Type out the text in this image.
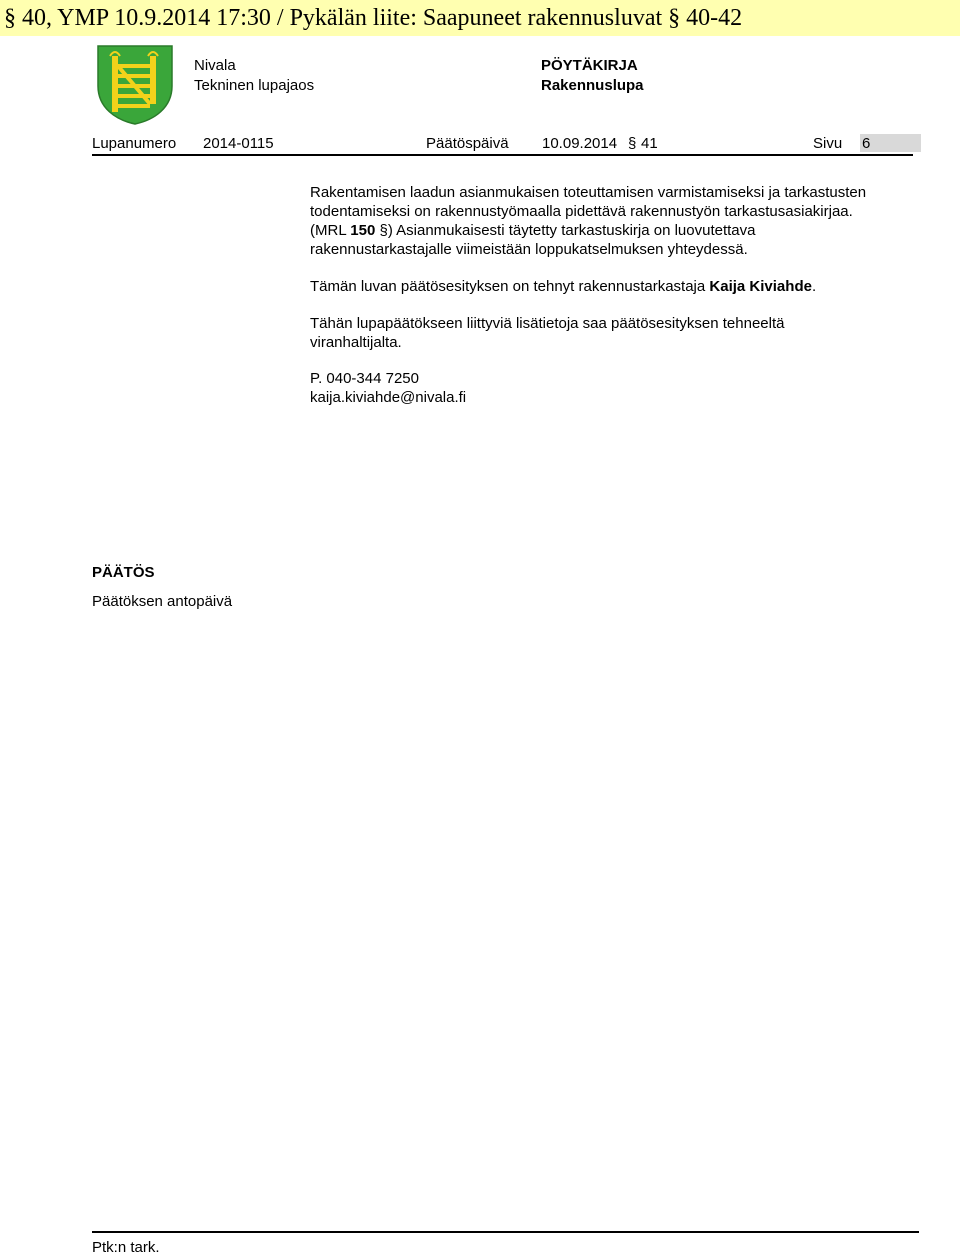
§ 40, YMP 10.9.2014 17:30 / Pykälän liite: Saapuneet rakennusluvat § 40-42
Nivala
Tekninen lupajaos
PÖYTÄKIRJA
Rakennuslupa
Lupanumero 2014-0115	Päätöspäivä 10.09.2014 § 41	Sivu 6
Rakentamisen laadun asianmukaisen toteuttamisen varmistamiseksi ja tarkastusten
todentamiseksi on rakennustyömaalla pidettävä rakennustyön tarkastusasiakirjaa.
(MRL 150 §) Asianmukaisesti täytetty tarkastuskirja on luovutettava
rakennustarkastajalle viimeistään loppukatselmuksen yhteydessä.
Tämän luvan päätösesityksen on tehnyt rakennustarkastaja Kaija Kiviahde.
Tähän lupapäätökseen liittyviä lisätietoja saa päätösesityksen tehneeltä
viranhaltijalta.
P. 040-344 7250
kaija.kiviahde@nivala.fi
PÄÄTÖS
Päätöksen antopäivä
Ptk:n tark.
